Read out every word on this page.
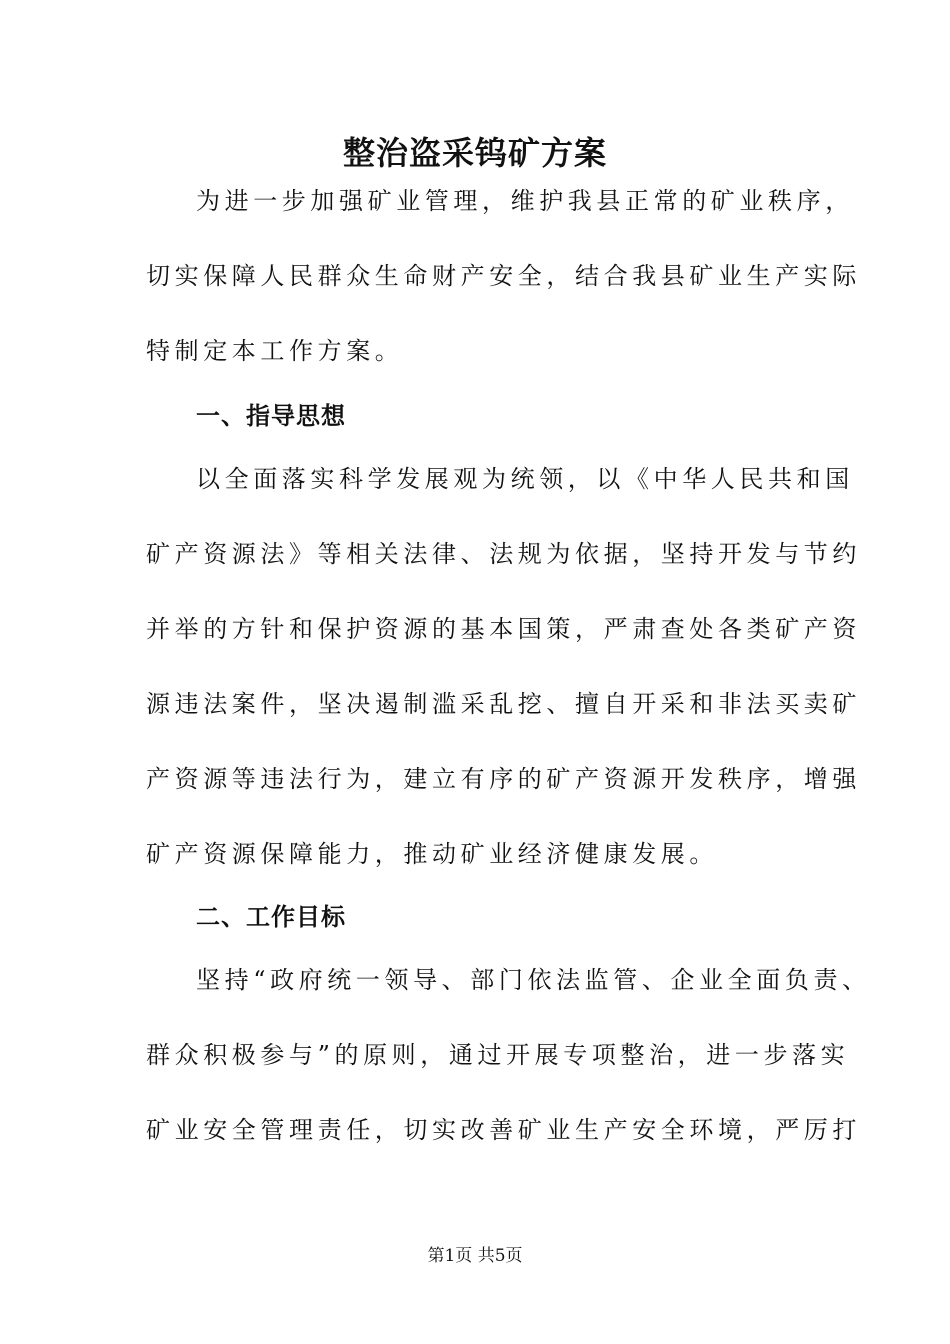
整治盗采钨矿方案
为进一步加强矿业管理，维护我县正常的矿业秩序，
切实保障人民群众生命财产安全，结合我县矿业生产实际
特制定本工作方案。
一、指导思想
以全面落实科学发展观为统领，以《中华人民共和国
矿产资源法》等相关法律、法规为依据，坚持开发与节约
并举的方针和保护资源的基本国策，严肃查处各类矿产资
源违法案件，坚决遏制滥采乱挖、擅自开采和非法买卖矿
产资源等违法行为，建立有序的矿产资源开发秩序，增强
矿产资源保障能力，推动矿业经济健康发展。
二、工作目标
坚持“政府统一领导、部门依法监管、企业全面负责、
群众积极参与”的原则，通过开展专项整治，进一步落实
矿业安全管理责任，切实改善矿业生产安全环境，严厉打
第1页 共5页
